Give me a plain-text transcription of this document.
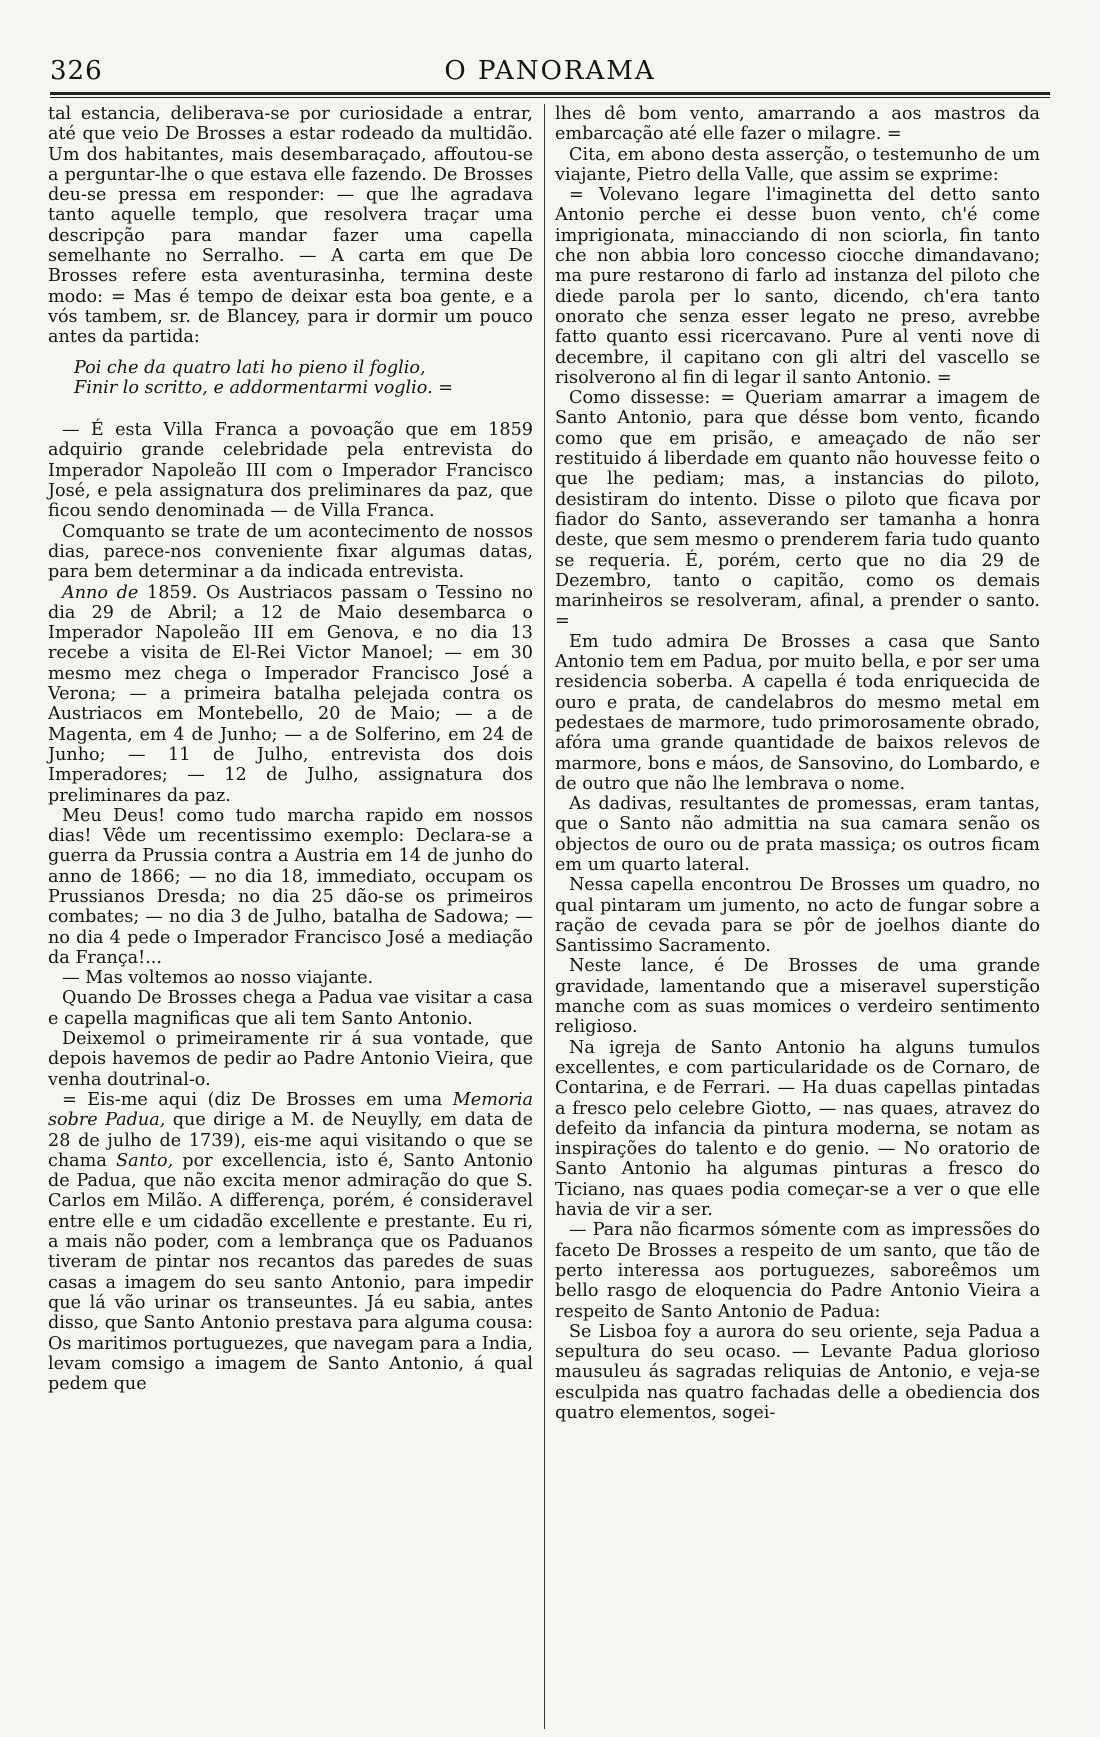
326	O PANORAMA

tal estancia, deliberava-se por curiosidade a entrar, até que veio De Brosses a estar rodeado da multidão. Um dos habitantes, mais desembaraçado, affoutou-se a perguntar-lhe o que estava elle fazendo. De Brosses deu-se pressa em responder: — que lhe agradava tanto aquelle templo, que resolvera traçar uma descripção para mandar fazer uma capella semelhante no Serralho. — A carta em que De Brosses refere esta aventurasinha, termina deste modo: = Mas é tempo de deixar esta boa gente, e a vós tambem, sr. de Blancey, para ir dormir um pouco antes da partida:

Poi che da quatro lati ho pieno il foglio,

Finir lo scritto, e addormentarmi voglio. =

— É esta Villa Franca a povoação que em 1859 adquirio grande celebridade pela entrevista do Imperador Napoleão III com o Imperador Francisco José, e pela assignatura dos preliminares da paz, que ficou sendo denominada — de Villa Franca.

Comquanto se trate de um acontecimento de nossos dias, parece-nos conveniente fixar algumas datas, para bem determinar a da indicada entrevista.

Anno de 1859. Os Austriacos passam o Tessino no dia 29 de Abril; a 12 de Maio desembarca o Imperador Napoleão III em Genova, e no dia 13 recebe a visita de El-Rei Victor Manoel; — em 30 mesmo mez chega o Imperador Francisco José a Verona; — a primeira batalha pelejada contra os Austriacos em Montebello, 20 de Maio; — a de Magenta, em 4 de Junho; — a de Solferino, em 24 de Junho; — 11 de Julho, entrevista dos dois Imperadores; — 12 de Julho, assignatura dos preliminares da paz.

Meu Deus! como tudo marcha rapido em nossos dias! Vêde um recentissimo exemplo: Declara-se a guerra da Prussia contra a Austria em 14 de junho do anno de 1866; — no dia 18, immediato, occupam os Prussianos Dresda; no dia 25 dão-se os primeiros combates; — no dia 3 de Julho, batalha de Sadowa; — no dia 4 pede o Imperador Francisco José a mediação da França!...

— Mas voltemos ao nosso viajante.

Quando De Brosses chega a Padua vae visitar a casa e capella magnificas que ali tem Santo Antonio.

Deixemol o primeiramente rir á sua vontade, que depois havemos de pedir ao Padre Antonio Vieira, que venha doutrinal-o.

= Eis-me aqui (diz De Brosses em uma Memoria sobre Padua, que dirige a M. de Neuylly, em data de 28 de julho de 1739), eis-me aqui visitando o que se chama Santo, por excellencia, isto é, Santo Antonio de Padua, que não excita menor admiração do que S. Carlos em Milão. A differença, porém, é consideravel entre elle e um cidadão excellente e prestante. Eu ri, a mais não poder, com a lembrança que os Paduanos tiveram de pintar nos recantos das paredes de suas casas a imagem do seu santo Antonio, para impedir que lá vão urinar os transeuntes. Já eu sabia, antes disso, que Santo Antonio prestava para alguma cousa: Os maritimos portuguezes, que navegam para a India, levam comsigo a imagem de Santo Antonio, á qual pedem que

lhes dê bom vento, amarrando a aos mastros da embarcação até elle fazer o milagre. =

Cita, em abono desta asserção, o testemunho de um viajante, Pietro della Valle, que assim se exprime:

= Volevano legare l'imaginetta del detto santo Antonio perche ei desse buon vento, ch'é come imprigionata, minacciando di non sciorla, fin tanto che non abbia loro concesso ciocche dimandavano; ma pure restarono di farlo ad instanza del piloto che diede parola per lo santo, dicendo, ch'era tanto onorato che senza esser legato ne preso, avrebbe fatto quanto essi ricercavano. Pure al venti nove di decembre, il capitano con gli altri del vascello se risolverono al fin di legar il santo Antonio. =

Como dissesse: = Queriam amarrar a imagem de Santo Antonio, para que désse bom vento, ficando como que em prisão, e ameaçado de não ser restituido á liberdade em quanto não houvesse feito o que lhe pediam; mas, a instancias do piloto, desistiram do intento. Disse o piloto que ficava por fiador do Santo, asseverando ser tamanha a honra deste, que sem mesmo o prenderem faria tudo quanto se requeria. É, porém, certo que no dia 29 de Dezembro, tanto o capitão, como os demais marinheiros se resolveram, afinal, a prender o santo. =

Em tudo admira De Brosses a casa que Santo Antonio tem em Padua, por muito bella, e por ser uma residencia soberba. A capella é toda enriquecida de ouro e prata, de candelabros do mesmo metal em pedestaes de marmore, tudo primorosamente obrado, afóra uma grande quantidade de baixos relevos de marmore, bons e máos, de Sansovino, do Lombardo, e de outro que não lhe lembrava o nome.

As dadivas, resultantes de promessas, eram tantas, que o Santo não admittia na sua camara senão os objectos de ouro ou de prata massiça; os outros ficam em um quarto lateral.

Nessa capella encontrou De Brosses um quadro, no qual pintaram um jumento, no acto de fungar sobre a ração de cevada para se pôr de joelhos diante do Santissimo Sacramento.

Neste lance, é De Brosses de uma grande gravidade, lamentando que a miseravel superstição manche com as suas momices o verdeiro sentimento religioso.

Na igreja de Santo Antonio ha alguns tumulos excellentes, e com particularidade os de Cornaro, de Contarina, e de Ferrari. — Ha duas capellas pintadas a fresco pelo celebre Giotto, — nas quaes, atravez do defeito da infancia da pintura moderna, se notam as inspirações do talento e do genio. — No oratorio de Santo Antonio ha algumas pinturas a fresco do Ticiano, nas quaes podia começar-se a ver o que elle havia de vir a ser.

— Para não ficarmos sómente com as impressões do faceto De Brosses a respeito de um santo, que tão de perto interessa aos portuguezes, saboreêmos um bello rasgo de eloquencia do Padre Antonio Vieira a respeito de Santo Antonio de Padua:

Se Lisboa foy a aurora do seu oriente, seja Padua a sepultura do seu ocaso. — Levante Padua glorioso mausuleu ás sagradas reliquias de Antonio, e veja-se esculpida nas quatro fachadas delle a obediencia dos quatro elementos, sogei-
